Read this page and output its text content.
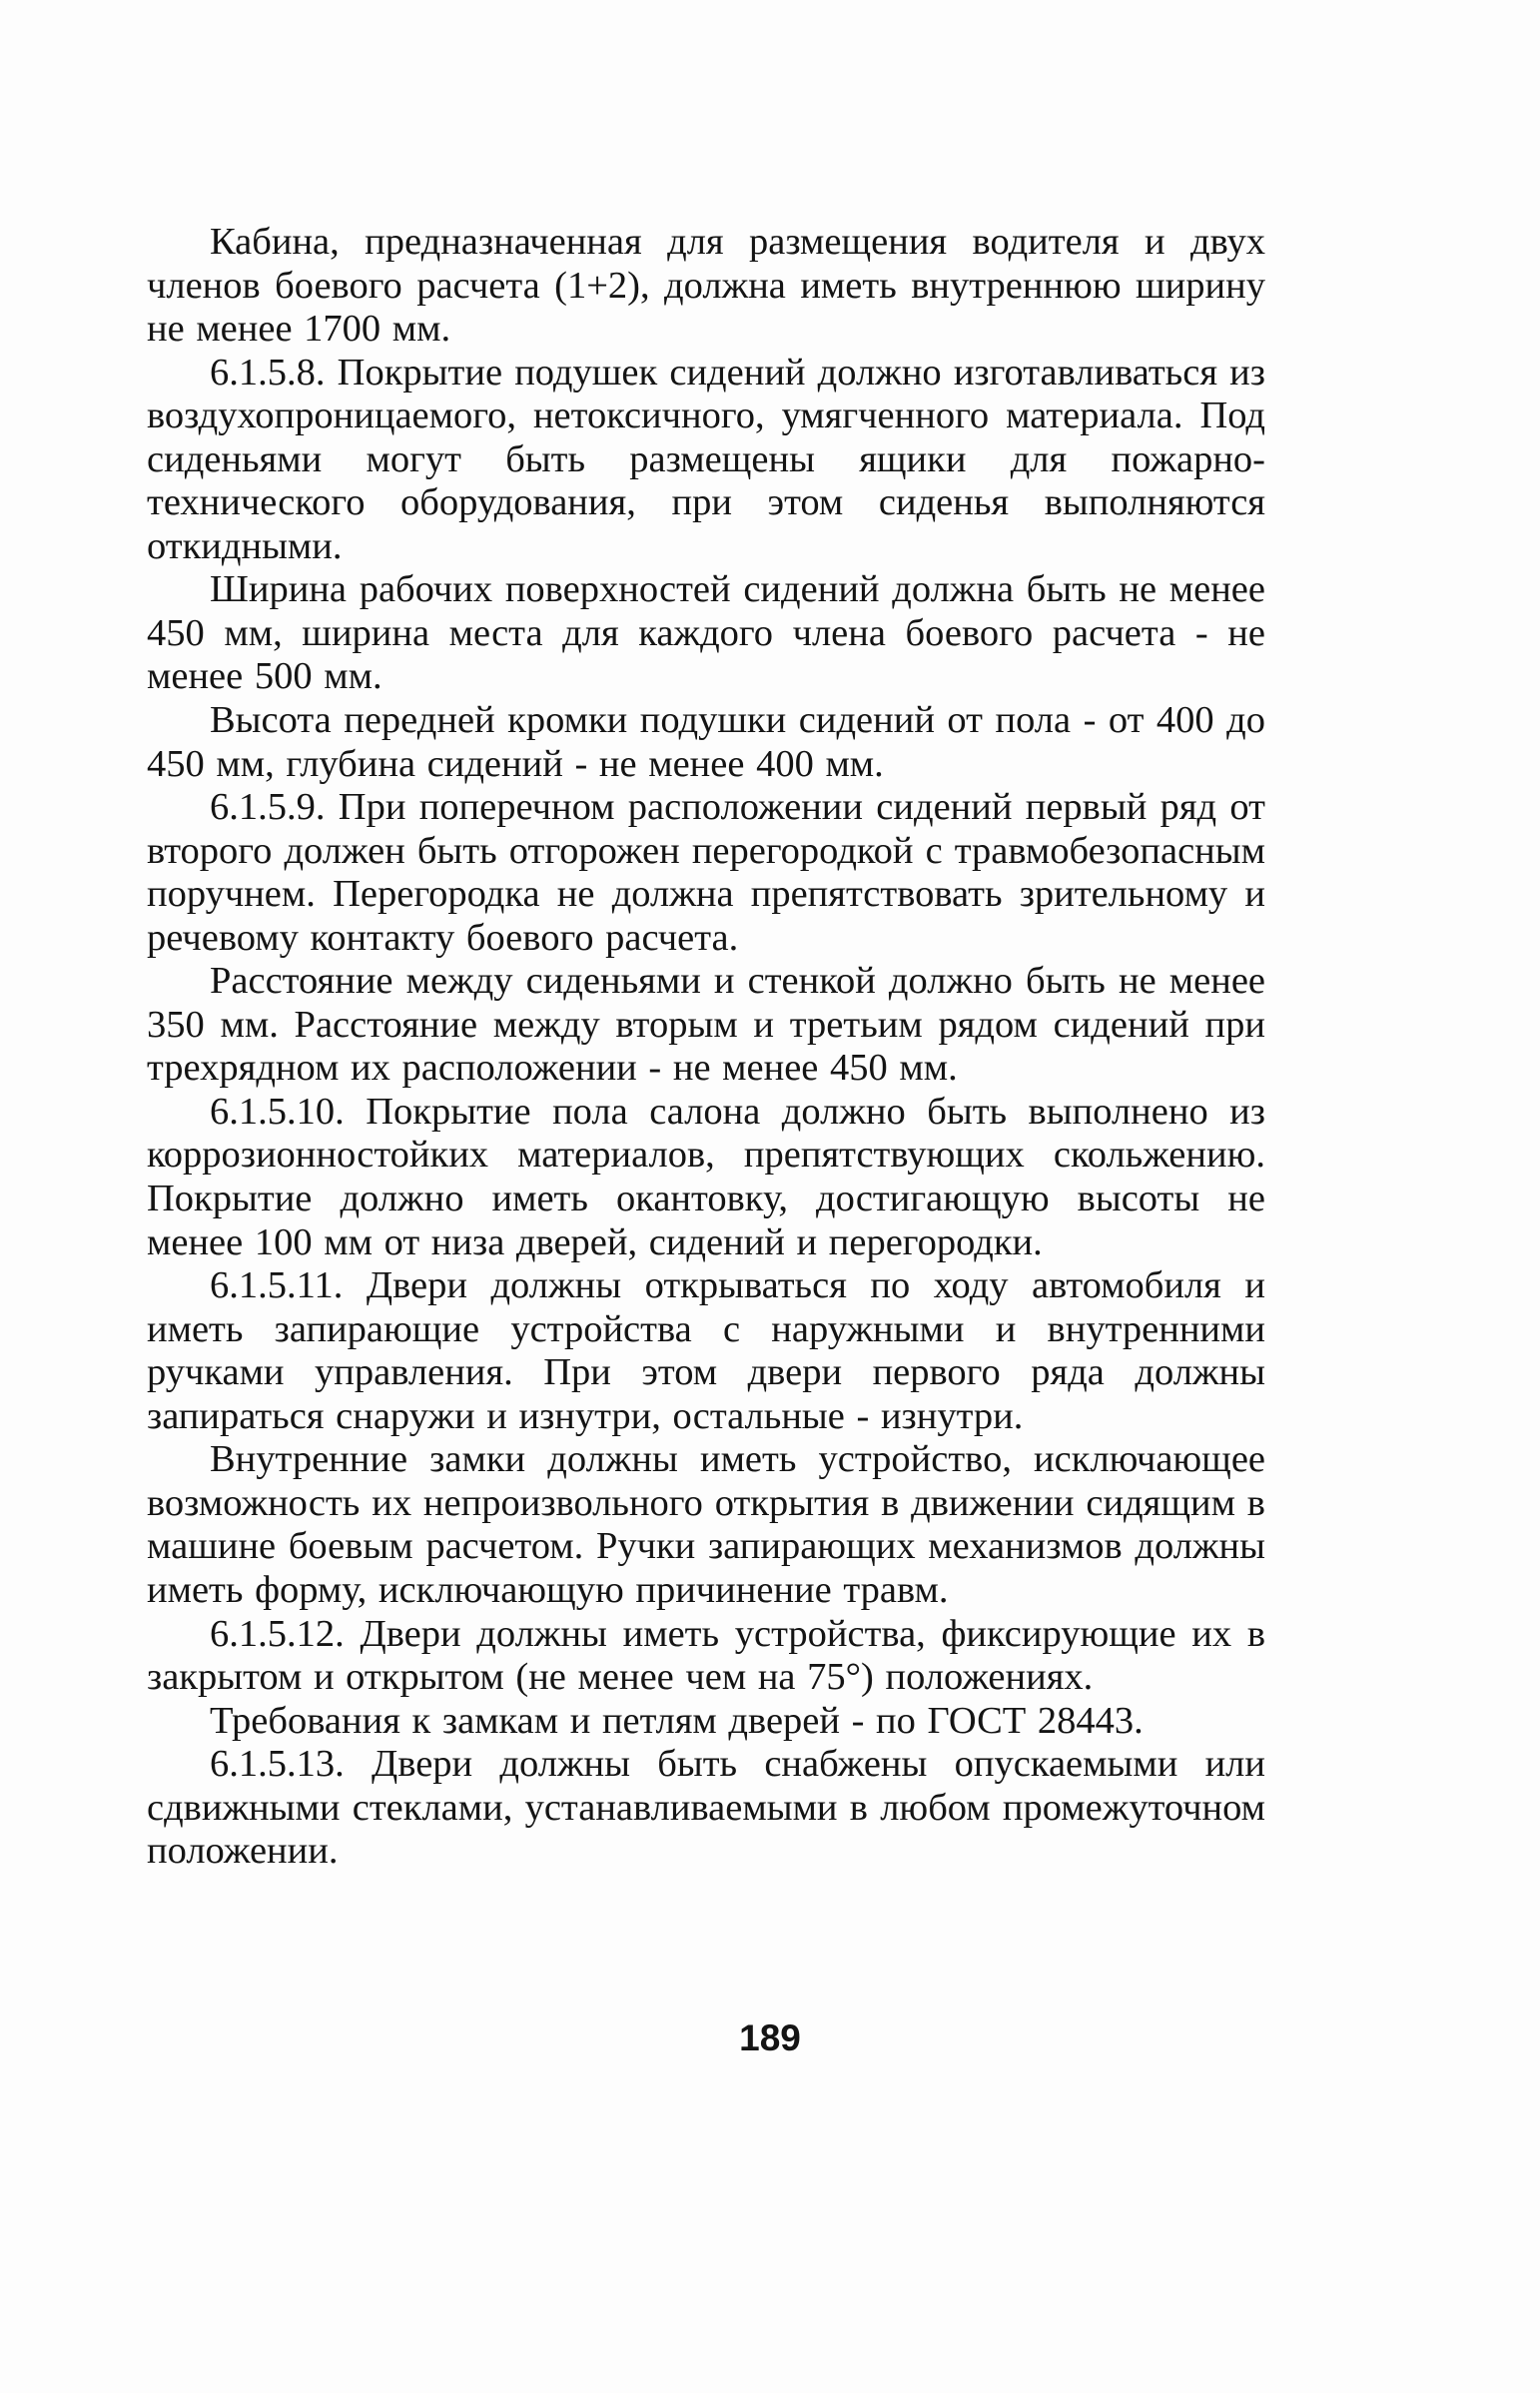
Кабина, предназначенная для размещения водителя и двух членов боевого расчета (1+2), должна иметь внутреннюю ширину не менее 1700 мм.

6.1.5.8. Покрытие подушек сидений должно изготавливаться из воздухопроницаемого, нетоксичного, умягченного материала. Под сиденьями могут быть размещены ящики для пожарно-технического оборудования, при этом сиденья выполняются откидными.

Ширина рабочих поверхностей сидений должна быть не менее 450 мм, ширина места для каждого члена боевого расчета - не менее 500 мм.

Высота передней кромки подушки сидений от пола - от 400 до 450 мм, глубина сидений - не менее 400 мм.

6.1.5.9. При поперечном расположении сидений первый ряд от второго должен быть отгорожен перегородкой с травмобезопасным поручнем. Перегородка не должна препятствовать зрительному и речевому контакту боевого расчета.

Расстояние между сиденьями и стенкой должно быть не менее 350 мм. Расстояние между вторым и третьим рядом сидений при трехрядном их расположении - не менее 450 мм.

6.1.5.10. Покрытие пола салона должно быть выполнено из коррозионностойких материалов, препятствующих скольжению. Покрытие должно иметь окантовку, достигающую высоты не менее 100 мм от низа дверей, сидений и перегородки.

6.1.5.11. Двери должны открываться по ходу автомобиля и иметь запирающие устройства с наружными и внутренними ручками управления. При этом двери первого ряда должны запираться снаружи и изнутри, остальные - изнутри.

Внутренние замки должны иметь устройство, исключающее возможность их непроизвольного открытия в движении сидящим в машине боевым расчетом. Ручки запирающих механизмов должны иметь форму, исключающую причинение травм.

6.1.5.12. Двери должны иметь устройства, фиксирующие их в закрытом и открытом (не менее чем на 75°) положениях.

Требования к замкам и петлям дверей - по ГОСТ 28443.

6.1.5.13. Двери должны быть снабжены опускаемыми или сдвижными стеклами, устанавливаемыми в любом промежуточном положении.

189
